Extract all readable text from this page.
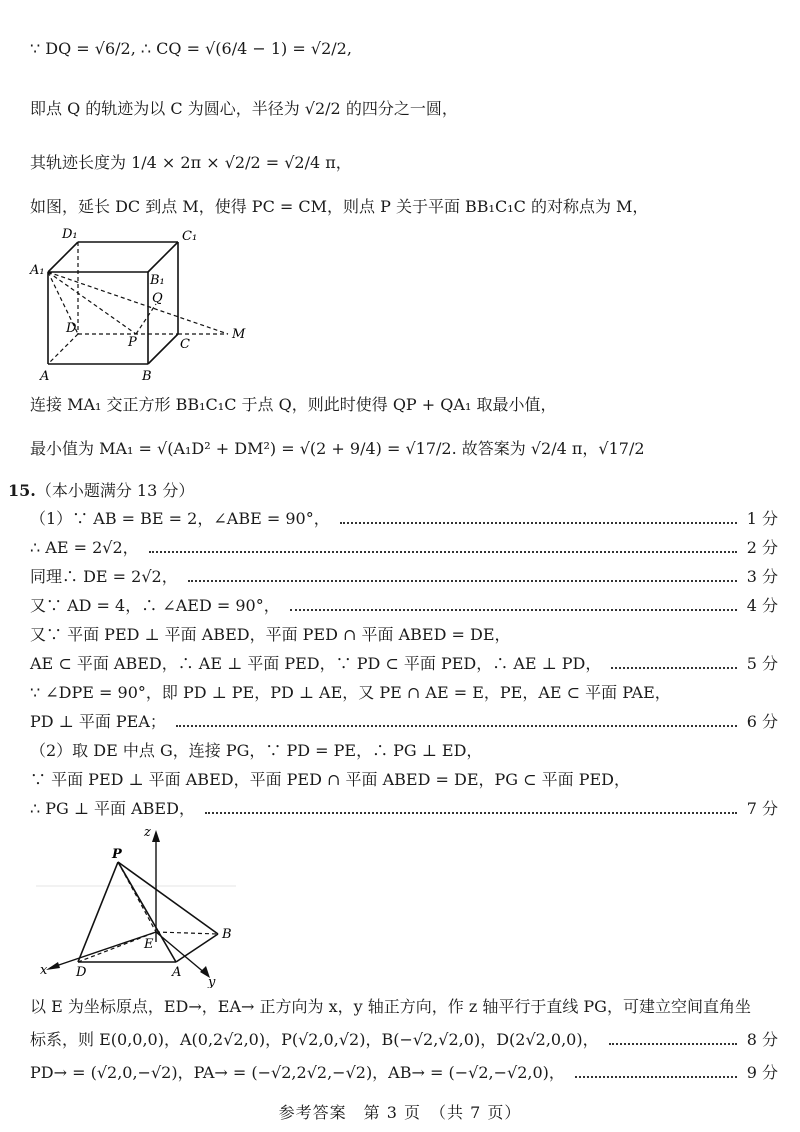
∵ DQ = √6/2, ∴ CQ = √(6/4 − 1) = √2/2,
即点 Q 的轨迹为以 C 为圆心，半径为 √2/2 的四分之一圆，
其轨迹长度为 1/4 × 2π × √2/2 = √2/4 π，
如图，延长 DC 到点 M，使得 PC = CM，则点 P 关于平面 BB₁C₁C 的对称点为 M，
D₁	C₁
A₁
B₁
Q
D
P	C
M
A	B
连接 MA₁ 交正方形 BB₁C₁C 于点 Q，则此时使得 QP + QA₁ 取最小值，
最小值为 MA₁ = √(A₁D² + DM²) = √(2 + 9/4) = √17/2. 故答案为 √2/4 π，√17/2
15. （本小题满分 13 分）
（1）∵ AB = BE = 2，∠ABE = 90°，	1 分
∴ AE = 2√2，	2 分
同理∴ DE = 2√2，	3 分
又∵ AD = 4，∴ ∠AED = 90°，	4 分
又∵ 平面 PED ⊥ 平面 ABED，平面 PED ∩ 平面 ABED = DE，
AE ⊂ 平面 ABED，∴ AE ⊥ 平面 PED，∵ PD ⊂ 平面 PED，∴ AE ⊥ PD，	5 分
∵ ∠DPE = 90°，即 PD ⊥ PE，PD ⊥ AE，又 PE ∩ AE = E，PE，AE ⊂ 平面 PAE，
PD ⊥ 平面 PEA；	6 分
（2）取 DE 中点 G，连接 PG，∵ PD = PE，∴ PG ⊥ ED，
∵ 平面 PED ⊥ 平面 ABED，平面 PED ∩ 平面 ABED = DE，PG ⊂ 平面 PED，
∴ PG ⊥ 平面 ABED，	7 分
z
P
B
E
x D	A
y
以 E 为坐标原点，ED→，EA→ 正方向为 x，y 轴正方向，作 z 轴平行于直线 PG，可建立空间直角坐
标系，则 E(0,0,0)，A(0,2√2,0)，P(√2,0,√2)，B(−√2,√2,0)，D(2√2,0,0)，	8 分
PD→ = (√2,0,−√2)，PA→ = (−√2,2√2,−√2)，AB→ = (−√2,−√2,0)，	9 分
参考答案　第 3 页　（共 7 页）
